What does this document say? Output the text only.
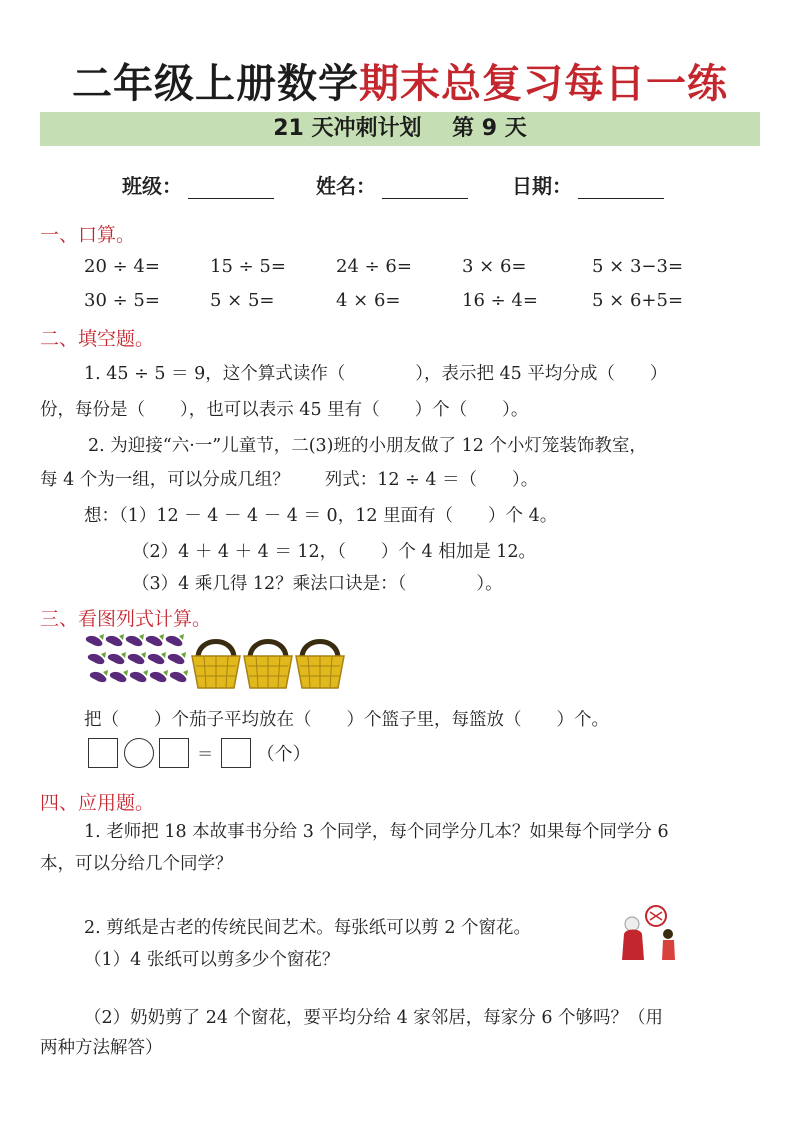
二年级上册数学期末总复习每日一练
21 天冲刺计划    第 9 天
班级：	姓名：	日期：
一、口算。
20 ÷ 4=	15 ÷ 5=	24 ÷ 6=	3 × 6=	5 × 3−3=
30 ÷ 5=	5 × 5=	4 × 6=	16 ÷ 4=	5 × 6+5=
二、填空题。
1. 45 ÷ 5 ＝ 9，这个算式读作（　　　　），表示把 45 平均分成（　　）
份，每份是（　　），也可以表示 45 里有（　　）个（　　）。
2. 为迎接“六·一”儿童节，二(3)班的小朋友做了 12 个小灯笼装饰教室，
每 4 个为一组，可以分成几组？　　列式：12 ÷ 4 ＝（　　）。
想：（1）12 － 4 － 4 － 4 ＝ 0，12 里面有（　　）个 4。
（2）4 ＋ 4 ＋ 4 ＝ 12，（　　）个 4 相加是 12。
（3）4 乘几得 12？乘法口诀是：（　　　　）。
三、看图列式计算。
把（　　）个茄子平均放在（　　）个篮子里，每篮放（　　）个。
= （个）
四、应用题。
1. 老师把 18 本故事书分给 3 个同学，每个同学分几本？如果每个同学分 6
本，可以分给几个同学？
2. 剪纸是古老的传统民间艺术。每张纸可以剪 2 个窗花。
（1）4 张纸可以剪多少个窗花？
（2）奶奶剪了 24 个窗花，要平均分给 4 家邻居，每家分 6 个够吗？（用
两种方法解答）
